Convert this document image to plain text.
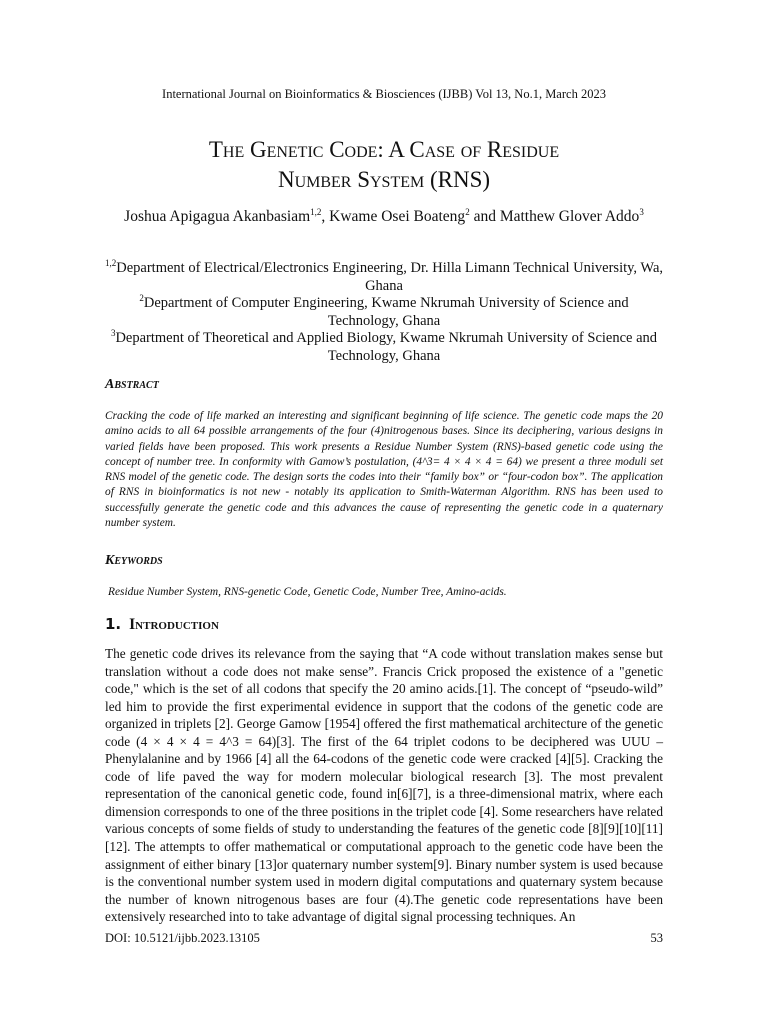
International Journal on Bioinformatics & Biosciences (IJBB) Vol 13, No.1, March 2023
The Genetic Code: A Case of Residue
Number System (RNS)
Joshua Apigagua Akanbasiam$^{1,2}$, Kwame Osei Boateng$^2$ and Matthew Glover Addo$^3$

$^{1,2}$Department of Electrical/Electronics Engineering, Dr. Hilla Limann Technical University, Wa, Ghana

$^2$Department of Computer Engineering, Kwame Nkrumah University of Science and Technology, Ghana

$^3$Department of Theoretical and Applied Biology, Kwame Nkrumah University of Science and Technology, Ghana

Abstract

Cracking the code of life marked an interesting and significant beginning of life science. The genetic code maps the 20 amino acids to all 64 possible arrangements of the four (4)nitrogenous bases. Since its deciphering, various designs in varied fields have been proposed. This work presents a Residue Number System (RNS)-based genetic code using the concept of number tree. In conformity with Gamow’s postulation, (4^3= 4 × 4 × 4 = 64) we present a three moduli set RNS model of the genetic code. The design sorts the codes into their “family box” or “four-codon box”. The application of RNS in bioinformatics is not new - notably its application to Smith-Waterman Algorithm. RNS has been used to successfully generate the genetic code and this advances the cause of representing the genetic code in a quaternary number system.

Keywords

Residue Number System, RNS-genetic Code, Genetic Code, Number Tree, Amino-acids.

1. Introduction

The genetic code drives its relevance from the saying that “A code without translation makes sense but translation without a code does not make sense”. Francis Crick proposed the existence of a "genetic code," which is the set of all codons that specify the 20 amino acids.[1]. The concept of “pseudo-wild” led him to provide the first experimental evidence in support that the codons of the genetic code are organized in triplets [2]. George Gamow [1954] offered the first mathematical architecture of the genetic code (4 × 4 × 4 = 4^3 = 64)[3]. The first of the 64 triplet codons to be deciphered was UUU – Phenylalanine and by 1966 [4] all the 64-codons of the genetic code were cracked [4][5]. Cracking the code of life paved the way for modern molecular biological research [3]. The most prevalent representation of the canonical genetic code, found in[6][7], is a three-dimensional matrix, where each dimension corresponds to one of the three positions in the triplet code [4]. Some researchers have related various concepts of some fields of study to understanding the features of the genetic code [8][9][10][11][12]. The attempts to offer mathematical or computational approach to the genetic code have been the assignment of either binary [13]or quaternary number system[9]. Binary number system is used because is the conventional number system used in modern digital computations and quaternary system because the number of known nitrogenous bases are four (4).The genetic code representations have been extensively researched into to take advantage of digital signal processing techniques. An

DOI: 10.5121/ijbb.2023.13105	53
